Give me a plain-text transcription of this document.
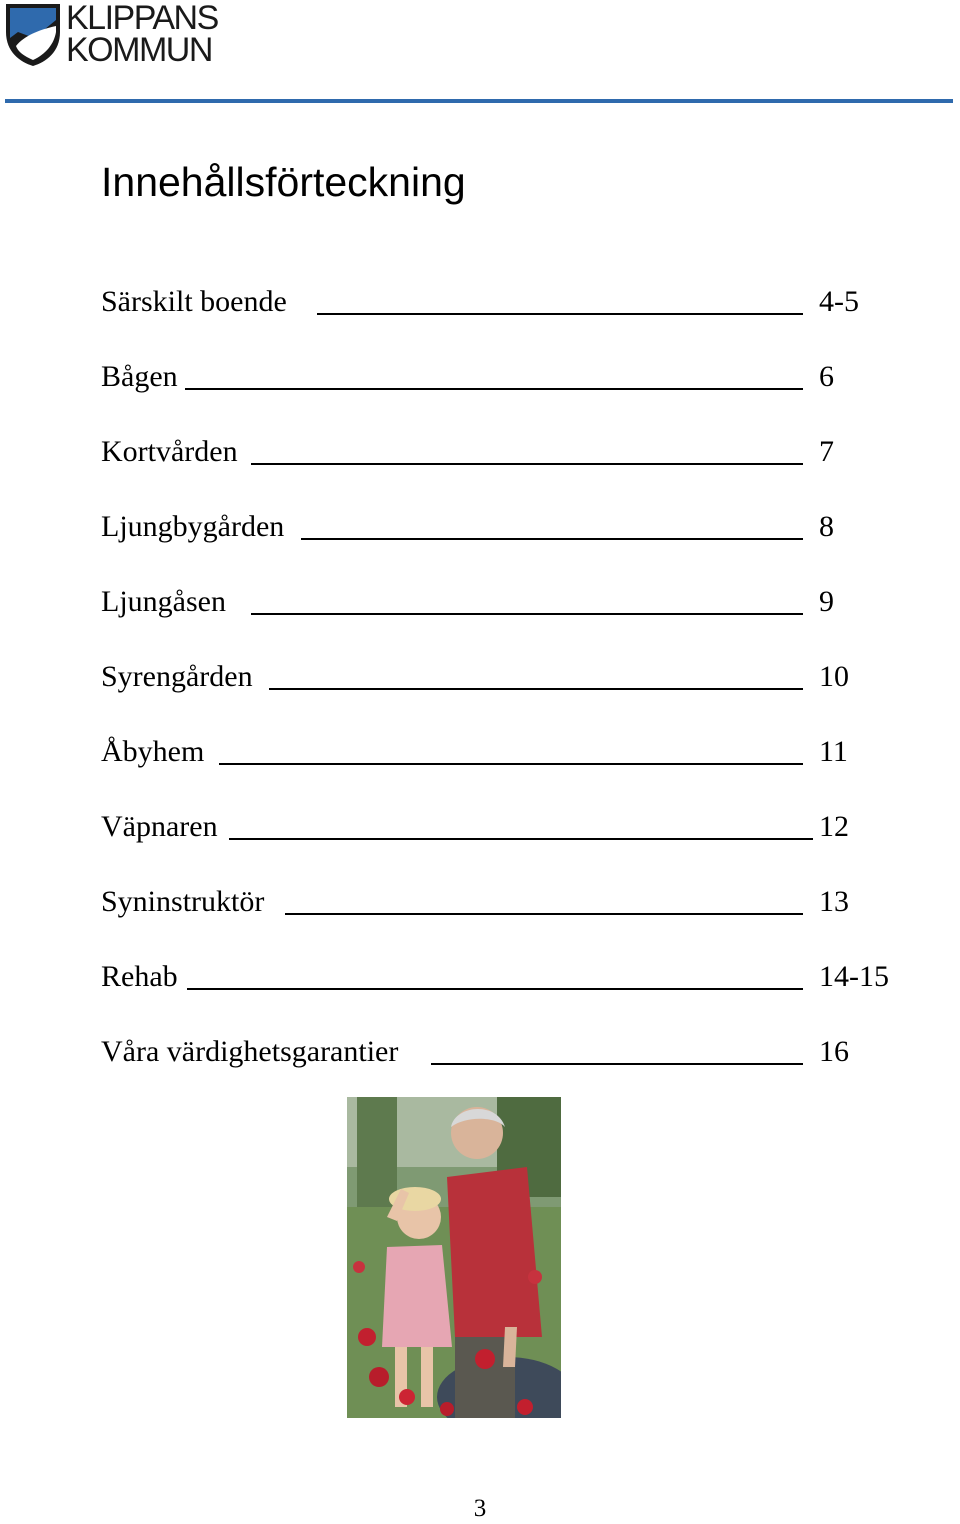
KLIPPANS
KOMMUN
Innehållsförteckning
Särskilt boende	4-5
Bågen	6
Kortvården	7
Ljungbygården	8
Ljungåsen	9
Syrengården	10
Åbyhem	11
Väpnaren	12
Syninstruktör	13
Rehab	14-15
Våra värdighetsgarantier	16
3
